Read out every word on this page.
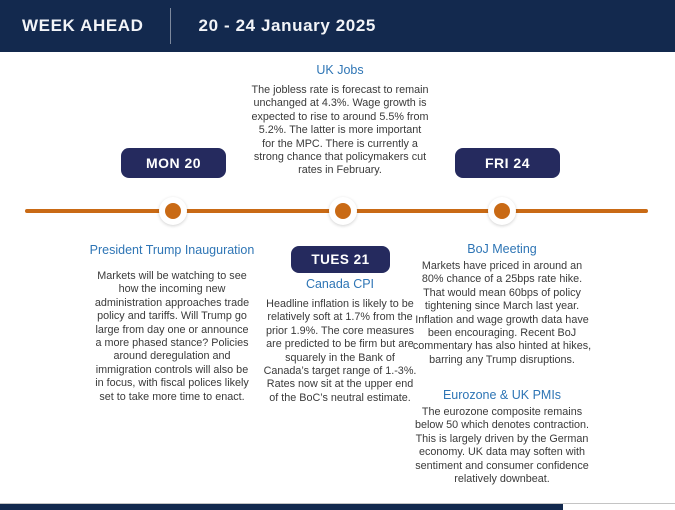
WEEK AHEAD	20 - 24 January 2025
UK Jobs

The jobless rate is forecast to remain unchanged at 4.3%. Wage growth is expected to rise to around 5.5% from 5.2%. The latter is more important for the MPC. There is currently a strong chance that policymakers cut rates in February.

MON 20	FRI 24
TUES 21
President Trump Inauguration

Markets will be watching to see how the incoming new administration approaches trade policy and tariffs. Will Trump go large from day one or announce a more phased stance? Policies around deregulation and immigration controls will also be in focus, with fiscal polices likely set to take more time to enact.

Canada CPI

Headline inflation is likely to be relatively soft at 1.7% from the prior 1.9%. The core measures are predicted to be firm but are squarely in the Bank of Canada’s target range of 1.-3%. Rates now sit at the upper end of the BoC’s neutral estimate.

BoJ Meeting

Markets have priced in around an 80% chance of a 25bps rate hike. That would mean 60bps of policy tightening since March last year. Inflation and wage growth data have been encouraging. Recent BoJ commentary has also hinted at hikes, barring any Trump disruptions.

Eurozone & UK PMIs

The eurozone composite remains below 50 which denotes contraction. This is largely driven by the German economy. UK data may soften with sentiment and consumer confidence relatively downbeat.
